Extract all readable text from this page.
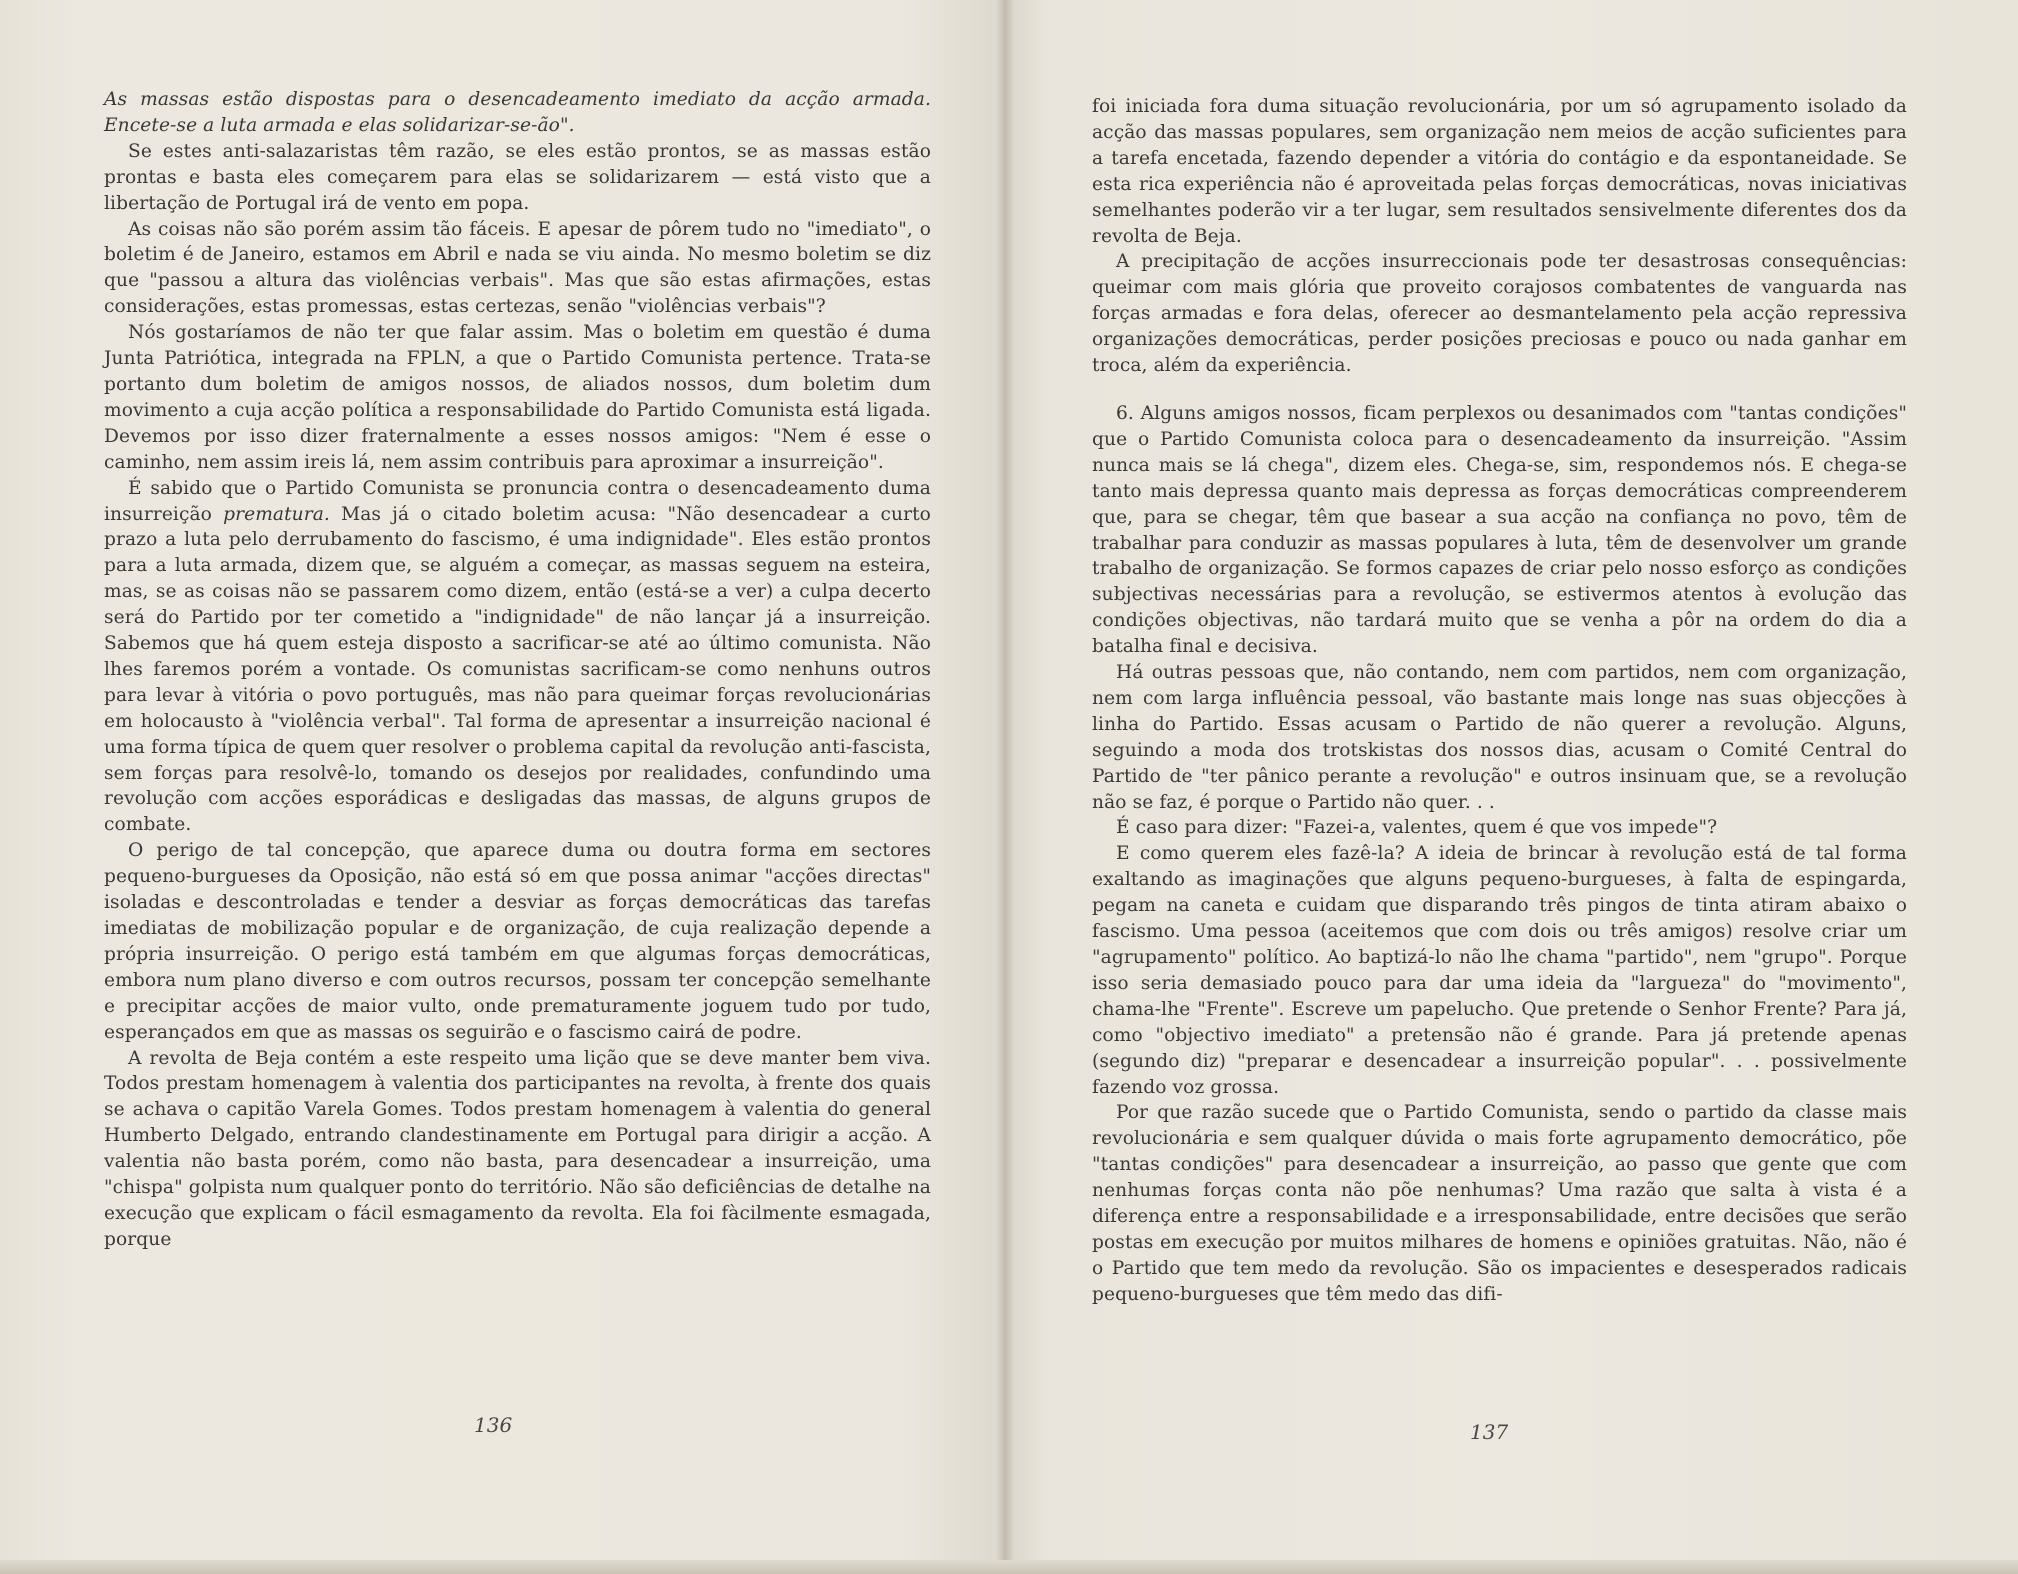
As massas estão dispostas para o desencadeamento imediato da acção armada. Encete-se a luta armada e elas solidarizar-se-ão".

Se estes anti-salazaristas têm razão, se eles estão prontos, se as massas estão prontas e basta eles começarem para elas se solidarizarem — está visto que a libertação de Portugal irá de vento em popa.

As coisas não são porém assim tão fáceis. E apesar de pôrem tudo no "imediato", o boletim é de Janeiro, estamos em Abril e nada se viu ainda. No mesmo boletim se diz que "passou a altura das violências verbais". Mas que são estas afirmações, estas considerações, estas promessas, estas certezas, senão "violências verbais"?

Nós gostaríamos de não ter que falar assim. Mas o boletim em questão é duma Junta Patriótica, integrada na FPLN, a que o Partido Comunista pertence. Trata-se portanto dum boletim de amigos nossos, de aliados nossos, dum boletim dum movimento a cuja acção política a responsabilidade do Partido Comunista está ligada. Devemos por isso dizer fraternalmente a esses nossos amigos: "Nem é esse o caminho, nem assim ireis lá, nem assim contribuis para aproximar a insurreição".

É sabido que o Partido Comunista se pronuncia contra o desencadeamento duma insurreição prematura. Mas já o citado boletim acusa: "Não desencadear a curto prazo a luta pelo derrubamento do fascismo, é uma indignidade". Eles estão prontos para a luta armada, dizem que, se alguém a começar, as massas seguem na esteira, mas, se as coisas não se passarem como dizem, então (está-se a ver) a culpa decerto será do Partido por ter cometido a "indignidade" de não lançar já a insurreição. Sabemos que há quem esteja disposto a sacrificar-se até ao último comunista. Não lhes faremos porém a vontade. Os comunistas sacrificam-se como nenhuns outros para levar à vitória o povo português, mas não para queimar forças revolucionárias em holocausto à "violência verbal". Tal forma de apresentar a insurreição nacional é uma forma típica de quem quer resolver o problema capital da revolução anti-fascista, sem forças para resolvê-lo, tomando os desejos por realidades, confundindo uma revolução com acções esporádicas e desligadas das massas, de alguns grupos de combate.

O perigo de tal concepção, que aparece duma ou doutra forma em sectores pequeno-burgueses da Oposição, não está só em que possa animar "acções directas" isoladas e descontroladas e tender a desviar as forças democráticas das tarefas imediatas de mobilização popular e de organização, de cuja realização depende a própria insurreição. O perigo está também em que algumas forças democráticas, embora num plano diverso e com outros recursos, possam ter concepção semelhante e precipitar acções de maior vulto, onde prematuramente joguem tudo por tudo, esperançados em que as massas os seguirão e o fascismo cairá de podre.

A revolta de Beja contém a este respeito uma lição que se deve manter bem viva. Todos prestam homenagem à valentia dos participantes na revolta, à frente dos quais se achava o capitão Varela Gomes. Todos prestam homenagem à valentia do general Humberto Delgado, entrando clandestinamente em Portugal para dirigir a acção. A valentia não basta porém, como não basta, para desencadear a insurreição, uma "chispa" golpista num qualquer ponto do território. Não são deficiências de detalhe na execução que explicam o fácil esmagamento da revolta. Ela foi fàcilmente esmagada, porque

136

foi iniciada fora duma situação revolucionária, por um só agrupamento isolado da acção das massas populares, sem organização nem meios de acção suficientes para a tarefa encetada, fazendo depender a vitória do contágio e da espontaneidade. Se esta rica experiência não é aproveitada pelas forças democráticas, novas iniciativas semelhantes poderão vir a ter lugar, sem resultados sensivelmente diferentes dos da revolta de Beja.

A precipitação de acções insurreccionais pode ter desastrosas consequências: queimar com mais glória que proveito corajosos combatentes de vanguarda nas forças armadas e fora delas, oferecer ao desmantelamento pela acção repressiva organizações democráticas, perder posições preciosas e pouco ou nada ganhar em troca, além da experiência.

6. Alguns amigos nossos, ficam perplexos ou desanimados com "tantas condições" que o Partido Comunista coloca para o desencadeamento da insurreição. "Assim nunca mais se lá chega", dizem eles. Chega-se, sim, respondemos nós. E chega-se tanto mais depressa quanto mais depressa as forças democráticas compreenderem que, para se chegar, têm que basear a sua acção na confiança no povo, têm de trabalhar para conduzir as massas populares à luta, têm de desenvolver um grande trabalho de organização. Se formos capazes de criar pelo nosso esforço as condições subjectivas necessárias para a revolução, se estivermos atentos à evolução das condições objectivas, não tardará muito que se venha a pôr na ordem do dia a batalha final e decisiva.

Há outras pessoas que, não contando, nem com partidos, nem com organização, nem com larga influência pessoal, vão bastante mais longe nas suas objecções à linha do Partido. Essas acusam o Partido de não querer a revolução. Alguns, seguindo a moda dos trotskistas dos nossos dias, acusam o Comité Central do Partido de "ter pânico perante a revolução" e outros insinuam que, se a revolução não se faz, é porque o Partido não quer. . .

É caso para dizer: "Fazei-a, valentes, quem é que vos impede"?

E como querem eles fazê-la? A ideia de brincar à revolução está de tal forma exaltando as imaginações que alguns pequeno-burgueses, à falta de espingarda, pegam na caneta e cuidam que disparando três pingos de tinta atiram abaixo o fascismo. Uma pessoa (aceitemos que com dois ou três amigos) resolve criar um "agrupamento" político. Ao baptizá-lo não lhe chama "partido", nem "grupo". Porque isso seria demasiado pouco para dar uma ideia da "largueza" do "movimento", chama-lhe "Frente". Escreve um papelucho. Que pretende o Senhor Frente? Para já, como "objectivo imediato" a pretensão não é grande. Para já pretende apenas (segundo diz) "preparar e desencadear a insurreição popular". . . possivelmente fazendo voz grossa.

Por que razão sucede que o Partido Comunista, sendo o partido da classe mais revolucionária e sem qualquer dúvida o mais forte agrupamento democrático, põe "tantas condições" para desencadear a insurreição, ao passo que gente que com nenhumas forças conta não põe nenhumas? Uma razão que salta à vista é a diferença entre a responsabilidade e a irresponsabilidade, entre decisões que serão postas em execução por muitos milhares de homens e opiniões gratuitas. Não, não é o Partido que tem medo da revolução. São os impacientes e desesperados radicais pequeno-burgueses que têm medo das difi-

137
